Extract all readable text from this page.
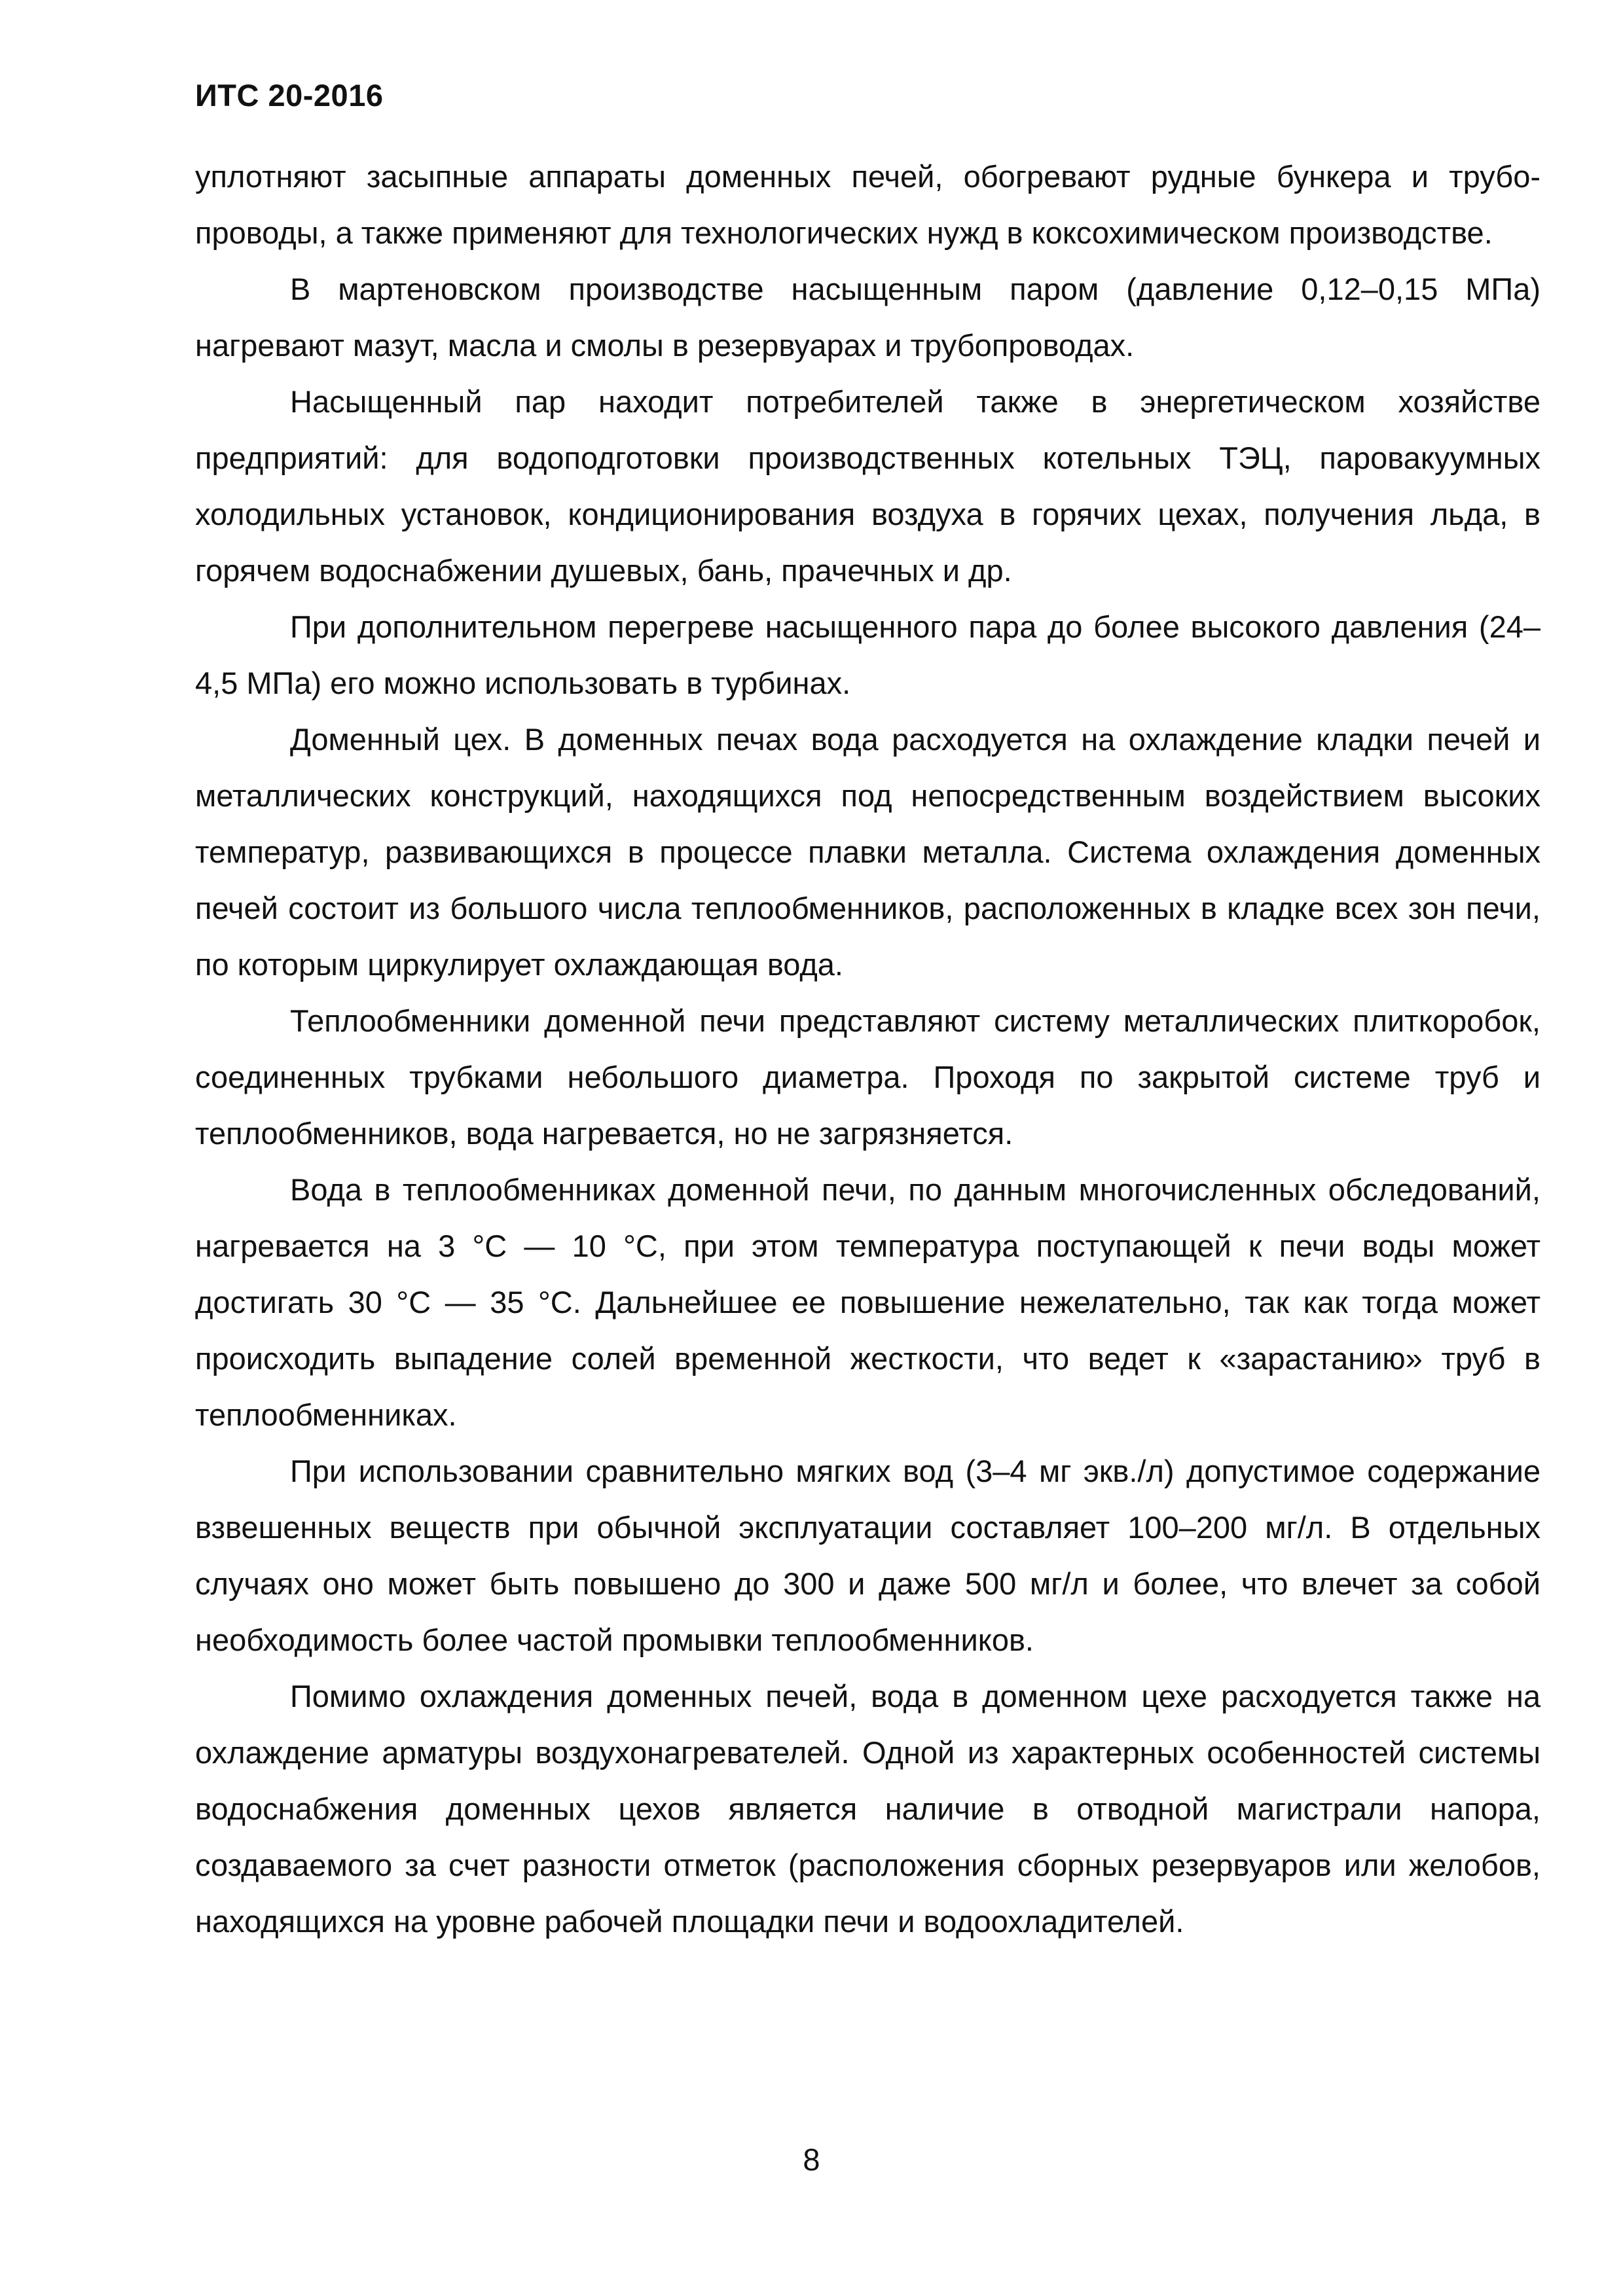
ИТС 20-2016

уплотняют засыпные аппараты доменных печей, обогревают рудные бункера и трубопроводы, а также применяют для технологических нужд в коксохимическом производстве.

В мартеновском производстве насыщенным паром (давление 0,12–0,15 МПа) нагревают мазут, масла и смолы в резервуарах и трубопроводах.

Насыщенный пар находит потребителей также в энергетическом хозяйстве предприятий: для водоподготовки производственных котельных ТЭЦ, паровакуумных холодильных установок, кондиционирования воздуха в горячих цехах, получения льда, в горячем водоснабжении душевых, бань, прачечных и др.

При дополнительном перегреве насыщенного пара до более высокого давления (24–4,5 МПа) его можно использовать в турбинах.

Доменный цех. В доменных печах вода расходуется на охлаждение кладки печей и металлических конструкций, находящихся под непосредственным воздействием высоких температур, развивающихся в процессе плавки металла. Система охлаждения доменных печей состоит из большого числа теплообменников, расположенных в кладке всех зон печи, по которым циркулирует охлаждающая вода.

Теплообменники доменной печи представляют систему металлических плиткоробок, соединенных трубками небольшого диаметра. Проходя по закрытой системе труб и теплообменников, вода нагревается, но не загрязняется.

Вода в теплообменниках доменной печи, по данным многочисленных обследований, нагревается на 3 °С — 10 °С, при этом температура поступающей к печи воды может достигать 30 °С — 35 °С. Дальнейшее ее повышение нежелательно, так как тогда может происходить выпадение солей временной жесткости, что ведет к «зарастанию» труб в теплообменниках.

При использовании сравнительно мягких вод (3–4 мг экв./л) допустимое содержание взвешенных веществ при обычной эксплуатации составляет 100–200 мг/л. В отдельных случаях оно может быть повышено до 300 и даже 500 мг/л и более, что влечет за собой необходимость более частой промывки теплообменников.

Помимо охлаждения доменных печей, вода в доменном цехе расходуется также на охлаждение арматуры воздухонагревателей. Одной из характерных особенностей системы водоснабжения доменных цехов является наличие в отводной магистрали напора, создаваемого за счет разности отметок (расположения сборных резервуаров или желобов, находящихся на уровне рабочей площадки печи и водоохладителей.

8
